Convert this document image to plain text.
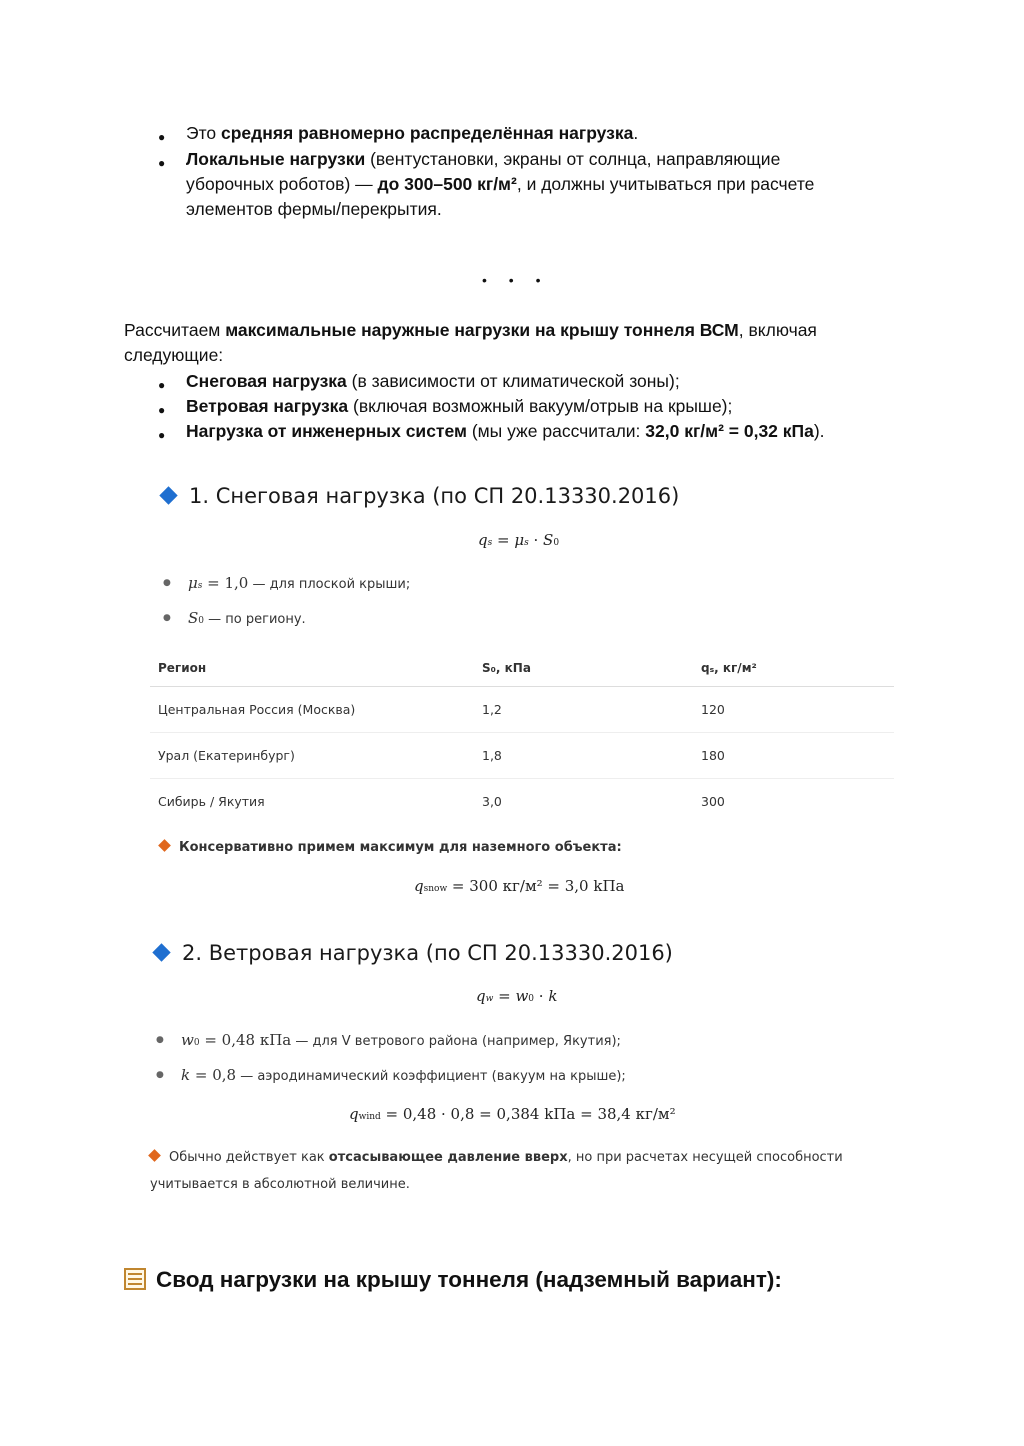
● Это средняя равномерно распределённая нагрузка.
● Локальные нагрузки (вентустановки, экраны от солнца, направляющие
уборочных роботов) — до 300–500 кг/м², и должны учитываться при расчете
элементов фермы/перекрытия.
• • •
Рассчитаем максимальные наружные нагрузки на крышу тоннеля ВСМ, включая
следующие:
● Снеговая нагрузка (в зависимости от климатической зоны);
● Ветровая нагрузка (включая возможный вакуум/отрыв на крыше);
● Нагрузка от инженерных систем (мы уже рассчитали: 32,0 кг/м² = 0,32 кПа).
1. Снеговая нагрузка (по СП 20.13330.2016)
qs = μs · S0
● μs = 1,0 — для плоской крыши;
● S0 — по региону.
Регион	S₀, кПа	qₛ, кг/м²
Центральная Россия (Москва)	1,2	120
Урал (Екатеринбург)	1,8	180
Сибирь / Якутия	3,0	300
Консервативно примем максимум для наземного объекта:
qsnow = 300 кг/м² = 3,0 kПа
2. Ветровая нагрузка (по СП 20.13330.2016)
qw = w0 · k
● w0 = 0,48 кПа — для V ветрового района (например, Якутия);
● k = 0,8 — аэродинамический коэффициент (вакуум на крыше);
qwind = 0,48 · 0,8 = 0,384 kПа = 38,4 кг/м²
Обычно действует как отсасывающее давление вверх, но при расчетах несущей способности
учитывается в абсолютной величине.
Свод нагрузки на крышу тоннеля (надземный вариант):
